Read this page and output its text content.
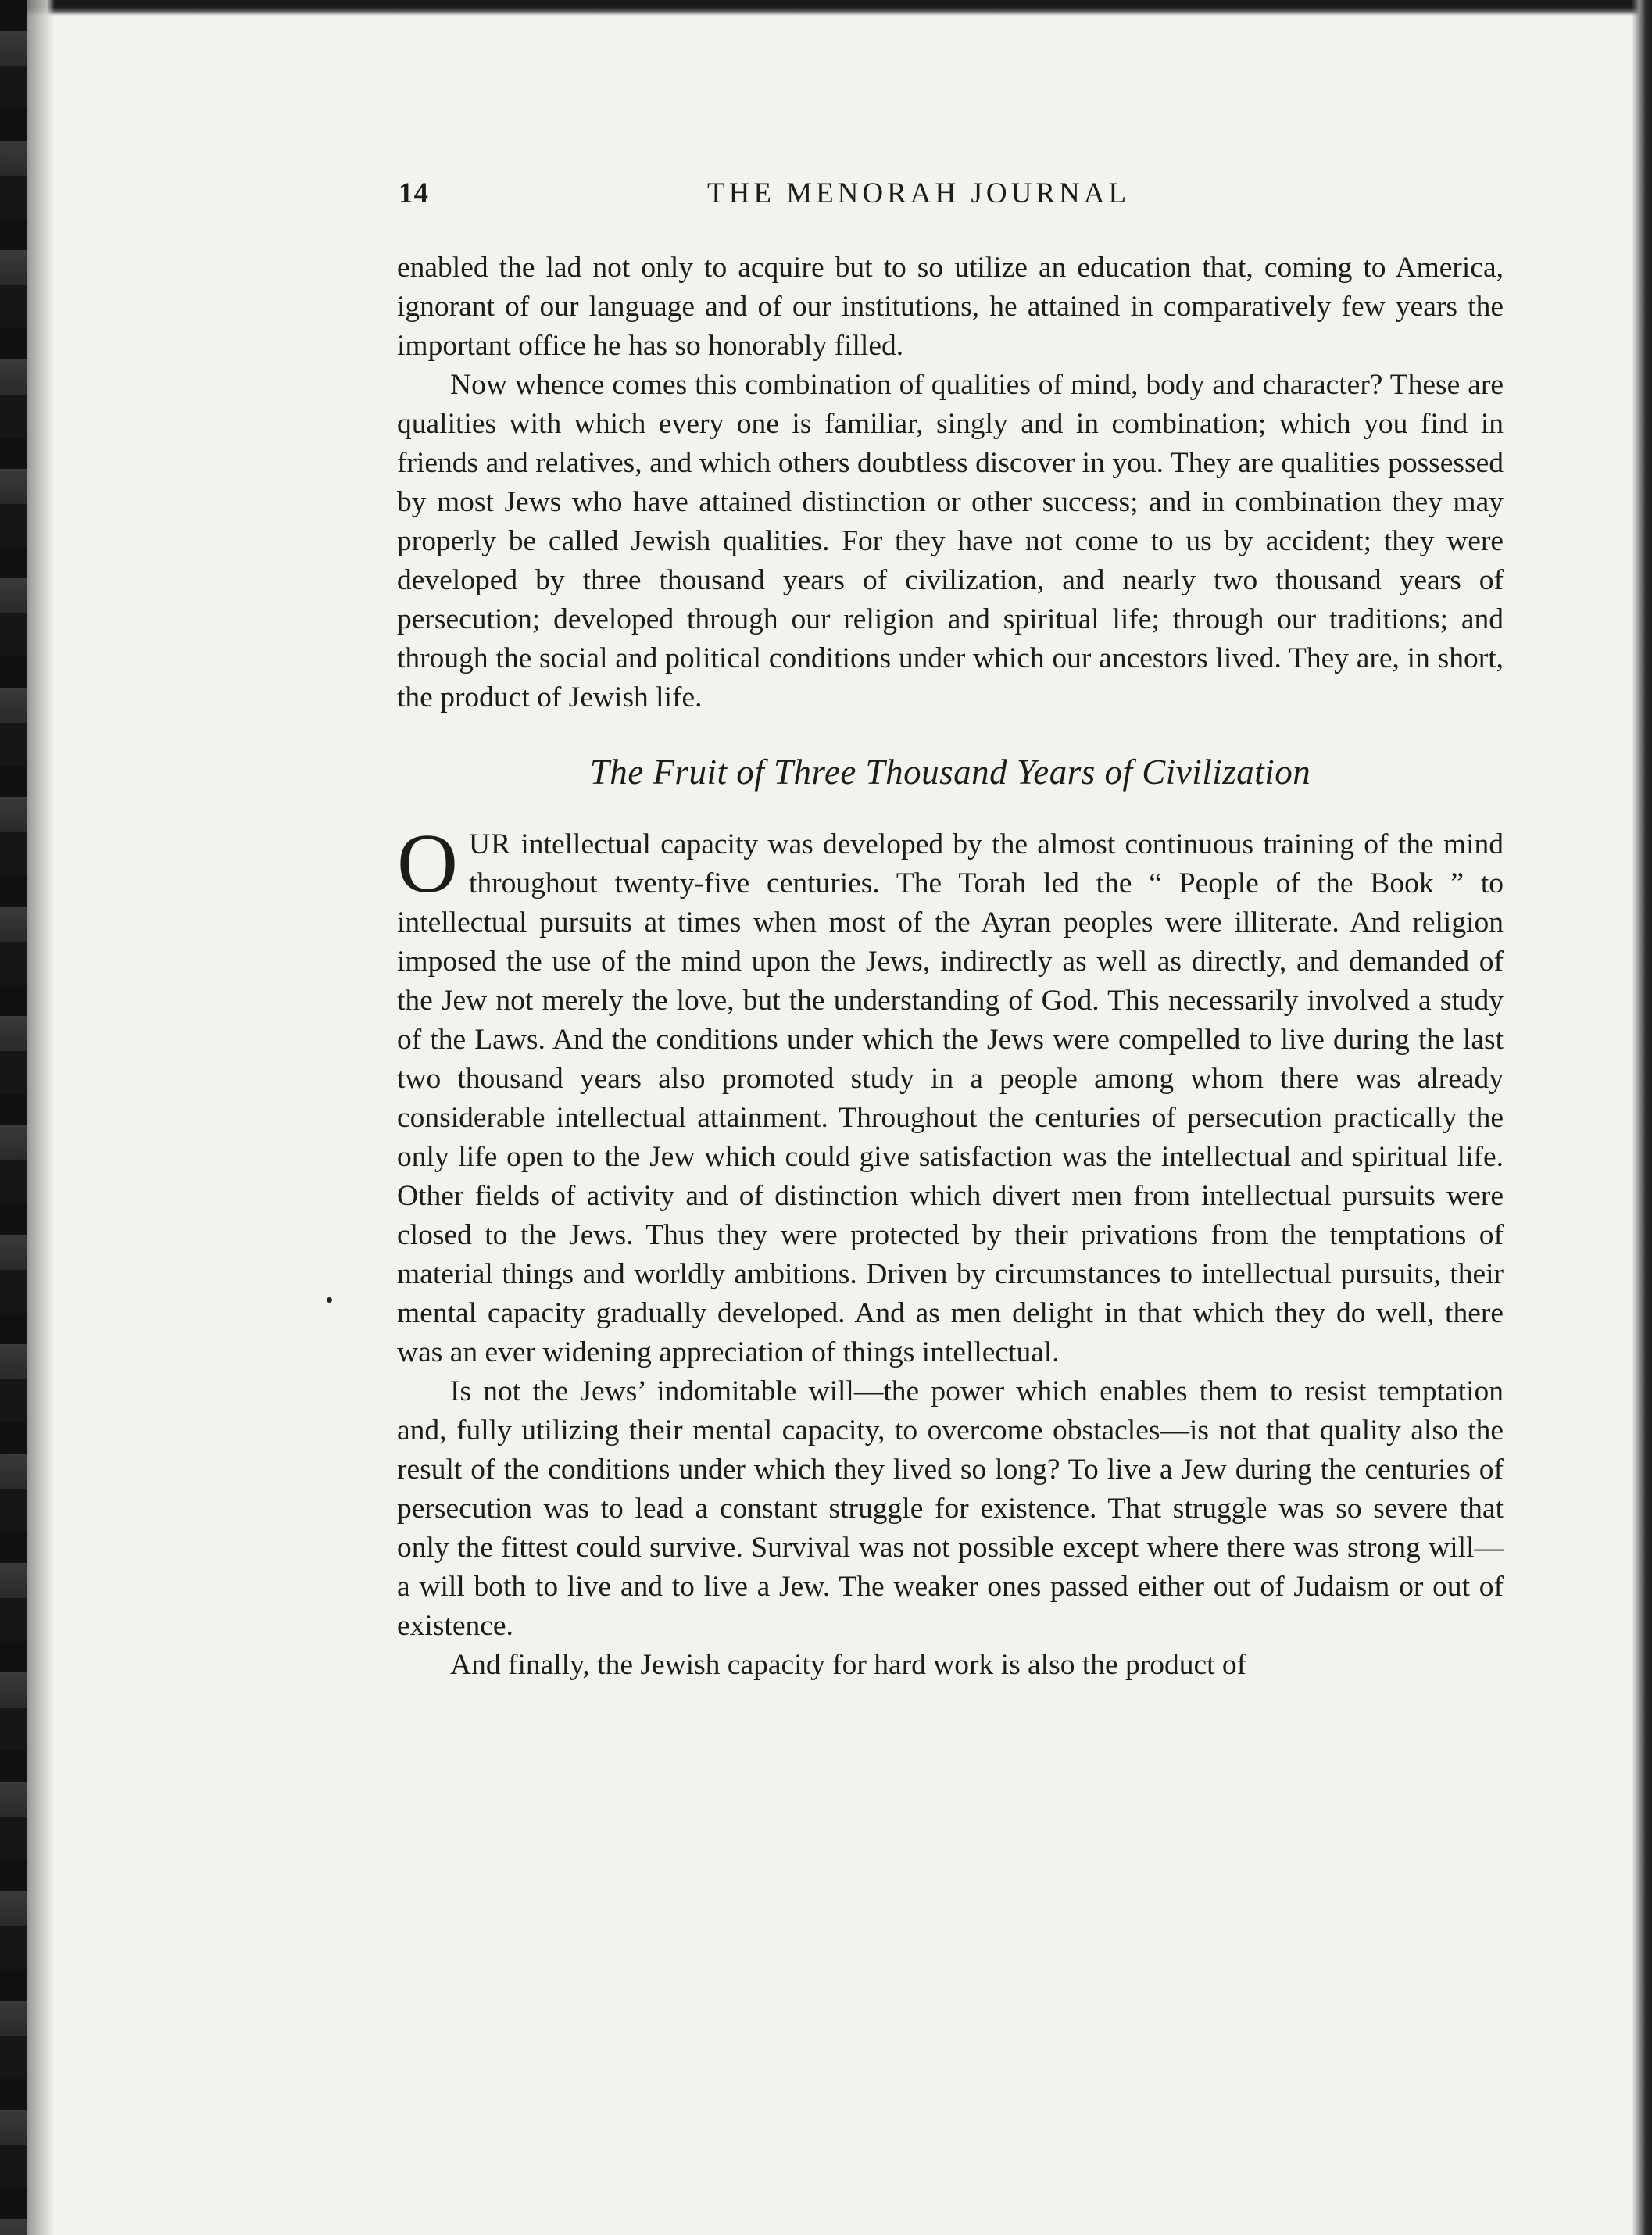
14	THE MENORAH JOURNAL

enabled the lad not only to acquire but to so utilize an education that, coming to America, ignorant of our language and of our institutions, he attained in comparatively few years the important office he has so honorably filled.

Now whence comes this combination of qualities of mind, body and character? These are qualities with which every one is familiar, singly and in combination; which you find in friends and relatives, and which others doubtless discover in you. They are qualities possessed by most Jews who have attained distinction or other success; and in combination they may properly be called Jewish qualities. For they have not come to us by accident; they were developed by three thousand years of civilization, and nearly two thousand years of persecution; developed through our religion and spiritual life; through our traditions; and through the social and political conditions under which our ancestors lived. They are, in short, the product of Jewish life.

The Fruit of Three Thousand Years of Civilization

OUR intellectual capacity was developed by the almost continuous training of the mind throughout twenty-five centuries. The Torah led the “ People of the Book ” to intellectual pursuits at times when most of the Ayran peoples were illiterate. And religion imposed the use of the mind upon the Jews, indirectly as well as directly, and demanded of the Jew not merely the love, but the understanding of God. This necessarily involved a study of the Laws. And the conditions under which the Jews were compelled to live during the last two thousand years also promoted study in a people among whom there was already considerable intellectual attainment. Throughout the centuries of persecution practically the only life open to the Jew which could give satisfaction was the intellectual and spiritual life. Other fields of activity and of distinction which divert men from intellectual pursuits were closed to the Jews. Thus they were protected by their privations from the temptations of material things and worldly ambitions. Driven by circumstances to intellectual pursuits, their mental capacity gradually developed. And as men delight in that which they do well, there was an ever widening appreciation of things intellectual.

Is not the Jews’ indomitable will—the power which enables them to resist temptation and, fully utilizing their mental capacity, to overcome obstacles—is not that quality also the result of the conditions under which they lived so long? To live a Jew during the centuries of persecution was to lead a constant struggle for existence. That struggle was so severe that only the fittest could survive. Survival was not possible except where there was strong will—a will both to live and to live a Jew. The weaker ones passed either out of Judaism or out of existence.

And finally, the Jewish capacity for hard work is also the product of
